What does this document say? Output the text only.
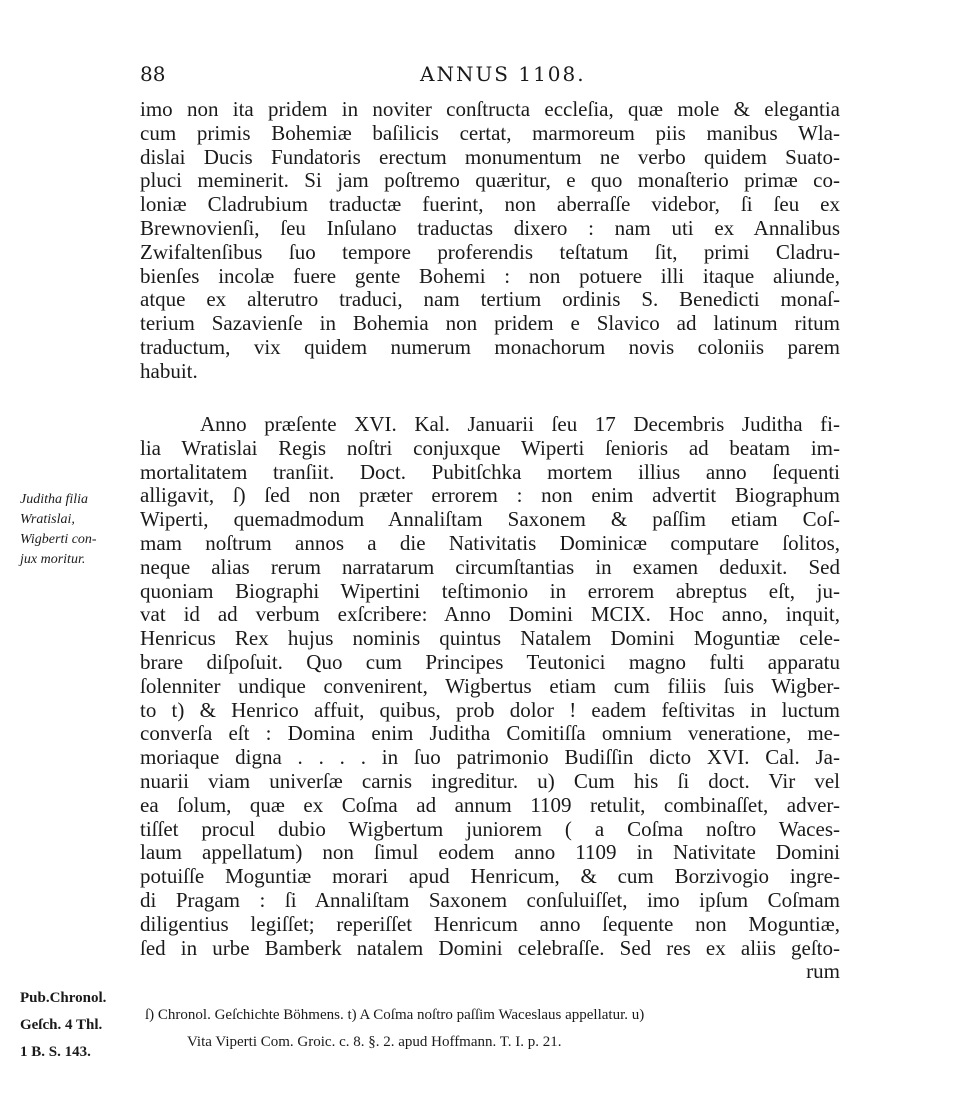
88	ANNUS 1108.
imo non ita pridem in noviter conſtructa eccleſia, quæ mole & elegantia
cum primis Bohemiæ baſilicis certat, marmoreum piis manibus Wla-
dislai Ducis Fundatoris erectum monumentum ne verbo quidem Suato-
pluci meminerit. Si jam poſtremo quæritur, e quo monaſterio primæ co-
loniæ Cladrubium traductæ fuerint, non aberraſſe videbor, ſi ſeu ex
Brewnovienſi, ſeu Inſulano traductas dixero : nam uti ex Annalibus
Zwifaltenſibus ſuo tempore proferendis teſtatum ſit, primi Cladru-
bienſes incolæ fuere gente Bohemi : non potuere illi itaque aliunde,
atque ex alterutro traduci, nam tertium ordinis S. Benedicti monaſ-
terium Sazavienſe in Bohemia non pridem e Slavico ad latinum ritum
traductum, vix quidem numerum monachorum novis coloniis parem
habuit.
Anno præſente XVI. Kal. Januarii ſeu 17 Decembris Juditha fi-
lia Wratislai Regis noſtri conjuxque Wiperti ſenioris ad beatam im-
mortalitatem tranſiit. Doct. Pubitſchka mortem illius anno ſequenti
alligavit, ſ) ſed non præter errorem : non enim advertit Biographum
Wiperti, quemadmodum Annaliſtam Saxonem & paſſim etiam Coſ-
mam noſtrum annos a die Nativitatis Dominicæ computare ſolitos,
neque alias rerum narratarum circumſtantias in examen deduxit. Sed
quoniam Biographi Wipertini teſtimonio in errorem abreptus eſt, ju-
vat id ad verbum exſcribere: Anno Domini MCIX. Hoc anno, inquit,
Henricus Rex hujus nominis quintus Natalem Domini Moguntiæ cele-
brare diſpoſuit. Quo cum Principes Teutonici magno fulti apparatu
ſolenniter undique convenirent, Wigbertus etiam cum filiis ſuis Wigber-
to t) & Henrico affuit, quibus, prob dolor ! eadem feſtivitas in luctum
converſa eſt : Domina enim Juditha Comitiſſa omnium veneratione, me-
moriaque digna . . . . in ſuo patrimonio Budiſſin dicto XVI. Cal. Ja-
nuarii viam univerſæ carnis ingreditur. u) Cum his ſi doct. Vir vel
ea ſolum, quæ ex Coſma ad annum 1109 retulit, combinaſſet, adver-
tiſſet procul dubio Wigbertum juniorem ( a Coſma noſtro Waces-
laum appellatum) non ſimul eodem anno 1109 in Nativitate Domini
potuiſſe Moguntiæ morari apud Henricum, & cum Borzivogio ingre-
di Pragam : ſi Annaliſtam Saxonem conſuluiſſet, imo ipſum Coſmam
diligentius legiſſet; reperiſſet Henricum anno ſequente non Moguntiæ,
ſed in urbe Bamberk natalem Domini celebraſſe. Sed res ex aliis geſto-
rum
Juditha filia
Wratislai,
Wigberti con-
jux moritur.
Pub.Chronol.
Geſch. 4 Thl.
1 B. S. 143.
ſ) Chronol. Geſchichte Böhmens. t) A Coſma noſtro paſſim Waceslaus appellatur. u)
Vita Viperti Com. Groic. c. 8. §. 2. apud Hoffmann. T. I. p. 21.
